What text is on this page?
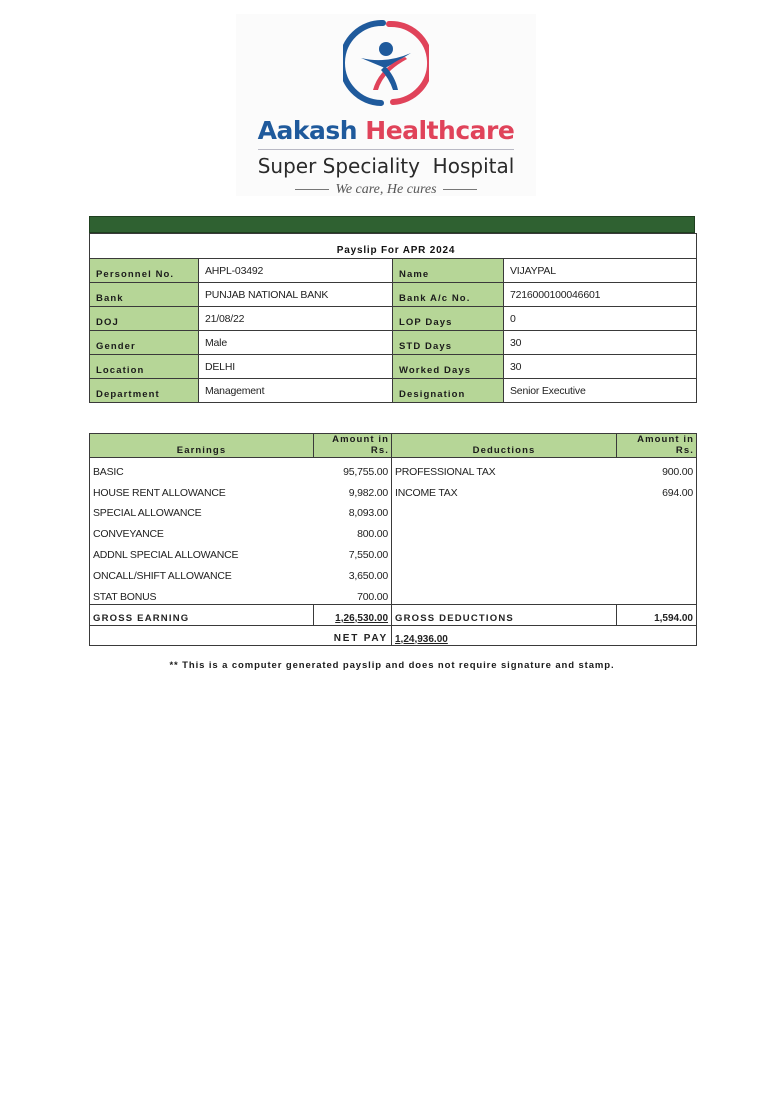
Aakash Healthcare
Super Speciality  Hospital
We care, He cures
Payslip For APR 2024			
Personnel No.	AHPL-03492	Name	VIJAYPAL
Bank	PUNJAB NATIONAL BANK	Bank A/c No.	7216000100046601
DOJ	21/08/22	LOP Days	0
Gender	Male	STD Days	30
Location	DELHI	Worked Days	30
Department	Management	Designation	Senior Executive
Earnings	Amount in Rs.	Deductions	Amount in Rs.
BASIC	95,755.00	PROFESSIONAL TAX	900.00
HOUSE RENT ALLOWANCE	9,982.00	INCOME TAX	694.00
SPECIAL ALLOWANCE	8,093.00		
CONVEYANCE	800.00		
ADDNL SPECIAL ALLOWANCE	7,550.00		
ONCALL/SHIFT ALLOWANCE	3,650.00		
STAT BONUS	700.00		
GROSS EARNING	1,26,530.00	GROSS DEDUCTIONS	1,594.00
NET PAY		1,24,936.00	
** This is a computer generated payslip and does not require signature and stamp.
